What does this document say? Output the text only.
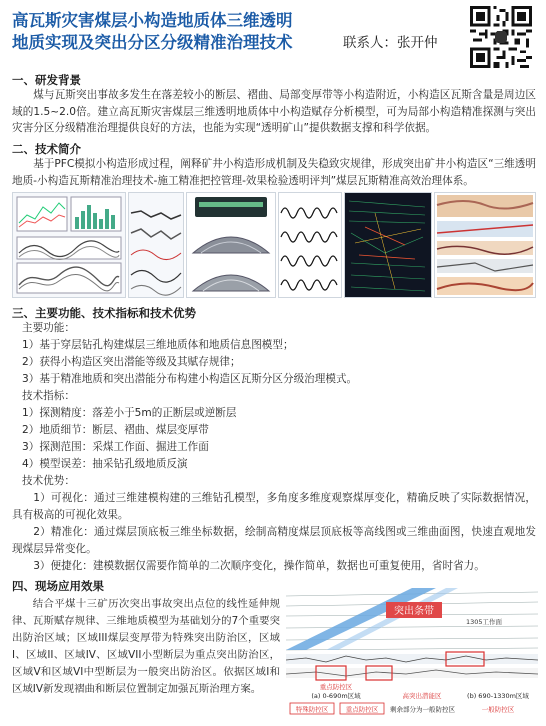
高瓦斯灾害煤层小构造地质体三维透明
地质实现及突出分区分级精准治理技术	联系人：张开仲
一、研发背景
煤与瓦斯突出事故多发生在落差较小的断层、褶曲、局部变厚带等小构造附近，小构造区瓦斯含量是周边区域的1.5~2.0倍。建立高瓦斯灾害煤层三维透明地质体中小构造赋存分析模型，可为局部小构造精准探测与突出灾害分区分级精准治理提供良好的方法，也能为实现“透明矿山”提供数据支撑和科学依据。
二、技术简介
基于PFC模拟小构造形成过程，阐释矿井小构造形成机制及失稳致灾规律，形成突出矿井小构造区“三维透明地质-小构造瓦斯精准治理技术-施工精准把控管理-效果检验透明评判”煤层瓦斯精准高效治理体系。
三、主要功能、技术指标和技术优势
主要功能：
1）基于穿层钻孔构建煤层三维地质体和地质信息图模型；
2）获得小构造区突出潜能等级及其赋存规律；
3）基于精准地质和突出潜能分布构建小构造区瓦斯分区分级治理模式。
技术指标：
1）探测精度：落差小于5m的正断层或逆断层
2）地质细节：断层、褶曲、煤层变厚带
3）探测范围：采煤工作面、掘进工作面
4）模型误差：抽采钻孔级地质反演
技术优势：
1）可视化：通过三维建模构建的三维钻孔模型，多角度多维度观察煤厚变化，精确反映了实际数据情况，具有极高的可视化效果。
2）精准化：通过煤层顶底板三维坐标数据，绘制高精度煤层顶底板等高线图或三维曲面图，快速直观地发现煤层异常变化。
3）便捷化：建模数据仅需要作简单的二次顺序变化，操作简单，数据也可重复使用，省时省力。
四、现场应用效果
结合平煤十三矿历次突出事故突出点位的线性延伸规律、瓦斯赋存规律、三维地质模型为基础划分的7个重要突出防治区域；区域III煤层变厚带为特殊突出防治区，区域I、区域II、区域IV、区域VII小型断层为重点突出防治区，区域V和区域VI中型断层为一般突出防治区。依据区域I和区域IV新发现褶曲和断层位置制定加强瓦斯治理方案。
突出条带
1305工作面
重点防控区
(a) 0-690m区域	高突出潜能区	(b) 690-1330m区域
特殊防控区	重点防控区 剩余部分为一般防控区	一般防控区
